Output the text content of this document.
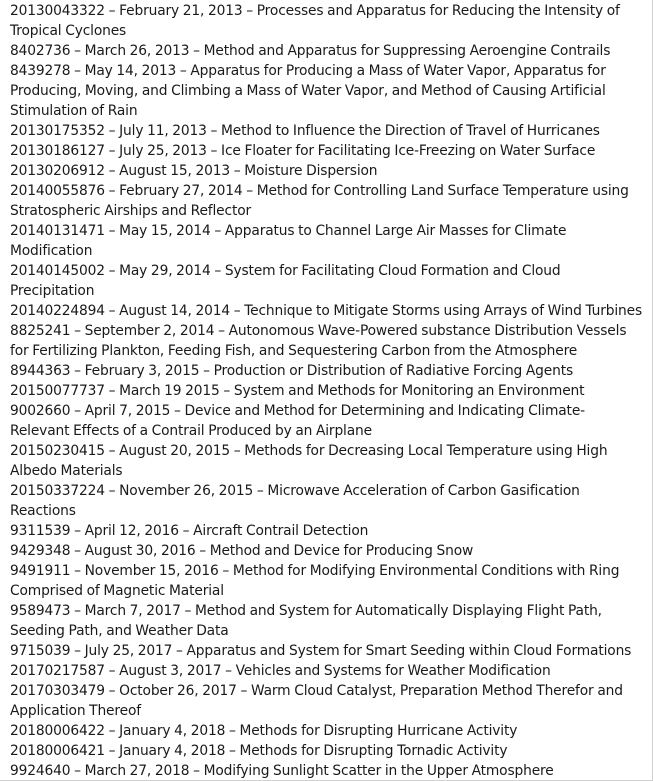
20130043322 – February 21, 2013 – Processes and Apparatus for Reducing the Intensity of Tropical Cyclones
8402736 – March 26, 2013 – Method and Apparatus for Suppressing Aeroengine Contrails
8439278 – May 14, 2013 – Apparatus for Producing a Mass of Water Vapor, Apparatus for Producing, Moving, and Climbing a Mass of Water Vapor, and Method of Causing Artificial Stimulation of Rain
20130175352 – July 11, 2013 – Method to Influence the Direction of Travel of Hurricanes
20130186127 – July 25, 2013 – Ice Floater for Facilitating Ice-Freezing on Water Surface
20130206912 – August 15, 2013 – Moisture Dispersion
20140055876 – February 27, 2014 – Method for Controlling Land Surface Temperature using Stratospheric Airships and Reflector
20140131471 – May 15, 2014 – Apparatus to Channel Large Air Masses for Climate Modification
20140145002 – May 29, 2014 – System for Facilitating Cloud Formation and Cloud Precipitation
20140224894 – August 14, 2014 – Technique to Mitigate Storms using Arrays of Wind Turbines
8825241 – September 2, 2014 – Autonomous Wave-Powered substance Distribution Vessels for Fertilizing Plankton, Feeding Fish, and Sequestering Carbon from the Atmosphere
8944363 – February 3, 2015 – Production or Distribution of Radiative Forcing Agents
20150077737 – March 19 2015 – System and Methods for Monitoring an Environment
9002660 – April 7, 2015 – Device and Method for Determining and Indicating Climate-Relevant Effects of a Contrail Produced by an Airplane
20150230415 – August 20, 2015 – Methods for Decreasing Local Temperature using High Albedo Materials
20150337224 – November 26, 2015 – Microwave Acceleration of Carbon Gasification Reactions
9311539 – April 12, 2016 – Aircraft Contrail Detection
9429348 – August 30, 2016 – Method and Device for Producing Snow
9491911 – November 15, 2016 – Method for Modifying Environmental Conditions with Ring Comprised of Magnetic Material
9589473 – March 7, 2017 – Method and System for Automatically Displaying Flight Path, Seeding Path, and Weather Data
9715039 – July 25, 2017 – Apparatus and System for Smart Seeding within Cloud Formations
20170217587 – August 3, 2017 – Vehicles and Systems for Weather Modification
20170303479 – October 26, 2017 – Warm Cloud Catalyst, Preparation Method Therefor and Application Thereof
20180006422 – January 4, 2018 – Methods for Disrupting Hurricane Activity
20180006421 – January 4, 2018 – Methods for Disrupting Tornadic Activity
9924640 – March 27, 2018 – Modifying Sunlight Scatter in the Upper Atmosphere
